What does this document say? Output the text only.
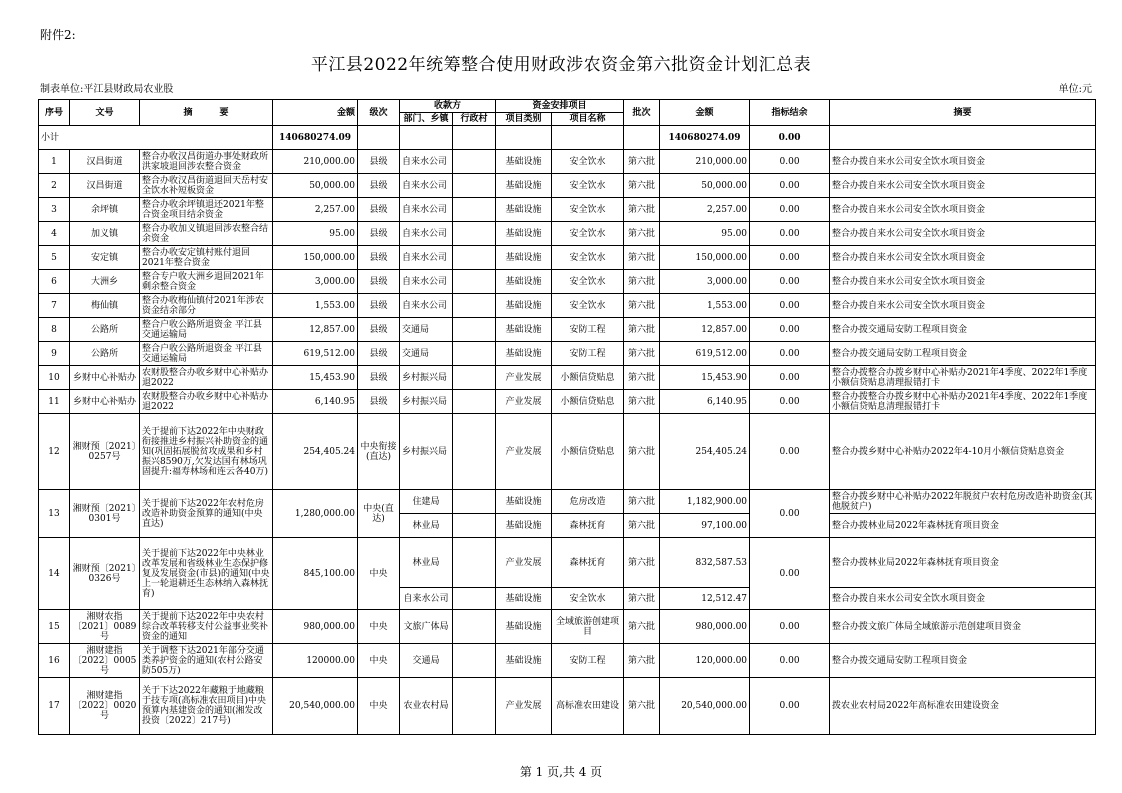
附件2:
平江县2022年统筹整合使用财政涉农资金第六批资金计划汇总表
制表单位:平江县财政局农业股	单位:元
序号	文号	摘　　　要	金额	级次	收款方		资金安排项目		批次	金额	指标结余	摘要
					部门、乡镇	行政村	项目类别	项目名称				
小计			140680274.09							140680274.09	0.00	
1	汉昌街道	整合办收汉昌街道办事处财政所洪家坡退回涉农整合资金	210,000.00	县级	自来水公司		基础设施	安全饮水	第六批	210,000.00	0.00	整合办拨自来水公司安全饮水项目资金
2	汉昌街道	整合办收汉昌街道退回天岳村安全饮水补短板资金	50,000.00	县级	自来水公司		基础设施	安全饮水	第六批	50,000.00	0.00	整合办拨自来水公司安全饮水项目资金
3	余坪镇	整合办收余坪镇退还2021年整合资金项目结余资金	2,257.00	县级	自来水公司		基础设施	安全饮水	第六批	2,257.00	0.00	整合办拨自来水公司安全饮水项目资金
4	加义镇	整合办收加义镇退回涉农整合结余资金	95.00	县级	自来水公司		基础设施	安全饮水	第六批	95.00	0.00	整合办拨自来水公司安全饮水项目资金
5	安定镇	整合办收安定镇村账付退回2021年整合资金	150,000.00	县级	自来水公司		基础设施	安全饮水	第六批	150,000.00	0.00	整合办拨自来水公司安全饮水项目资金
6	大洲乡	整合专户收大洲乡退回2021年剩余整合资金	3,000.00	县级	自来水公司		基础设施	安全饮水	第六批	3,000.00	0.00	整合办拨自来水公司安全饮水项目资金
7	梅仙镇	整合办收梅仙镇付2021年涉农资金结余部分	1,553.00	县级	自来水公司		基础设施	安全饮水	第六批	1,553.00	0.00	整合办拨自来水公司安全饮水项目资金
8	公路所	整合户收公路所退资金 平江县交通运输局	12,857.00	县级	交通局		基础设施	安防工程	第六批	12,857.00	0.00	整合办拨交通局安防工程项目资金
9	公路所	整合户收公路所退资金 平江县交通运输局	619,512.00	县级	交通局		基础设施	安防工程	第六批	619,512.00	0.00	整合办拨交通局安防工程项目资金
10	乡财中心补贴办	农财股整合办收乡财中心补贴办退2022	15,453.90	县级	乡村振兴局		产业发展	小额信贷贴息	第六批	15,453.90	0.00	整合办拨整合办拨乡财中心补贴办2021年4季度、2022年1季度小额信贷贴息清理报错打卡
11	乡财中心补贴办	农财股整合办收乡财中心补贴办退2022	6,140.95	县级	乡村振兴局		产业发展	小额信贷贴息	第六批	6,140.95	0.00	整合办拨整合办拨乡财中心补贴办2021年4季度、2022年1季度小额信贷贴息清理报错打卡
12	湘财预〔2021〕0257号	关于提前下达2022年中央财政衔接推进乡村振兴补助资金的通知(巩固拓展脱贫攻成果和乡村振兴8590万,欠发达国有林场巩固提升:福寿林场和连云各40万)	254,405.24	中央衔接(直达)	乡村振兴局		产业发展	小额信贷贴息	第六批	254,405.24	0.00	整合办拨乡财中心补贴办2022年4-10月小额信贷贴息资金
13	湘财预〔2021〕0301号	关于提前下达2022年农村危房改造补助资金预算的通知(中央直达)	1,280,000.00	中央(直达)	住建局		基础设施	危房改造	第六批	1,182,900.00	0.00	整合办拨乡财中心补贴办2022年脱贫户农村危房改造补助资金(其他脱贫户)
					林业局		基础设施	森林抚育	第六批	97,100.00		整合办拨林业局2022年森林抚育项目资金
14	湘财预〔2021〕0326号	关于提前下达2022年中央林业改革发展和省级林业生态保护修复及发展资金(市县)的通知(中央上一轮退耕还生态林纳入森林抚育)	845,100.00	中央	林业局		产业发展	森林抚育	第六批	832,587.53	0.00	整合办拨林业局2022年森林抚育项目资金
					自来水公司		基础设施	安全饮水	第六批	12,512.47		整合办拨自来水公司安全饮水项目资金
15	湘财农指〔2021〕0089号	关于提前下达2022年中央农村综合改革转移支付公益事业奖补资金的通知	980,000.00	中央	文旅广体局		基础设施	全域旅游创建项目	第六批	980,000.00	0.00	整合办拨文旅广体局全域旅游示范创建项目资金
16	湘财建指〔2022〕0005号	关于调整下达2021年部分交通类养护资金的通知(农村公路安防505万)	120000.00	中央	交通局		基础设施	安防工程	第六批	120,000.00	0.00	整合办拨交通局安防工程项目资金
17	湘财建指〔2022〕0020号	关于下达2022年藏粮于地藏粮于技专项(高标准农田项目)中央预算内基建资金的通知(湘发改投资〔2022〕217号)	20,540,000.00	中央	农业农村局		产业发展	高标准农田建设	第六批	20,540,000.00	0.00	拨农业农村局2022年高标准农田建设资金
第 1 页,共 4 页
